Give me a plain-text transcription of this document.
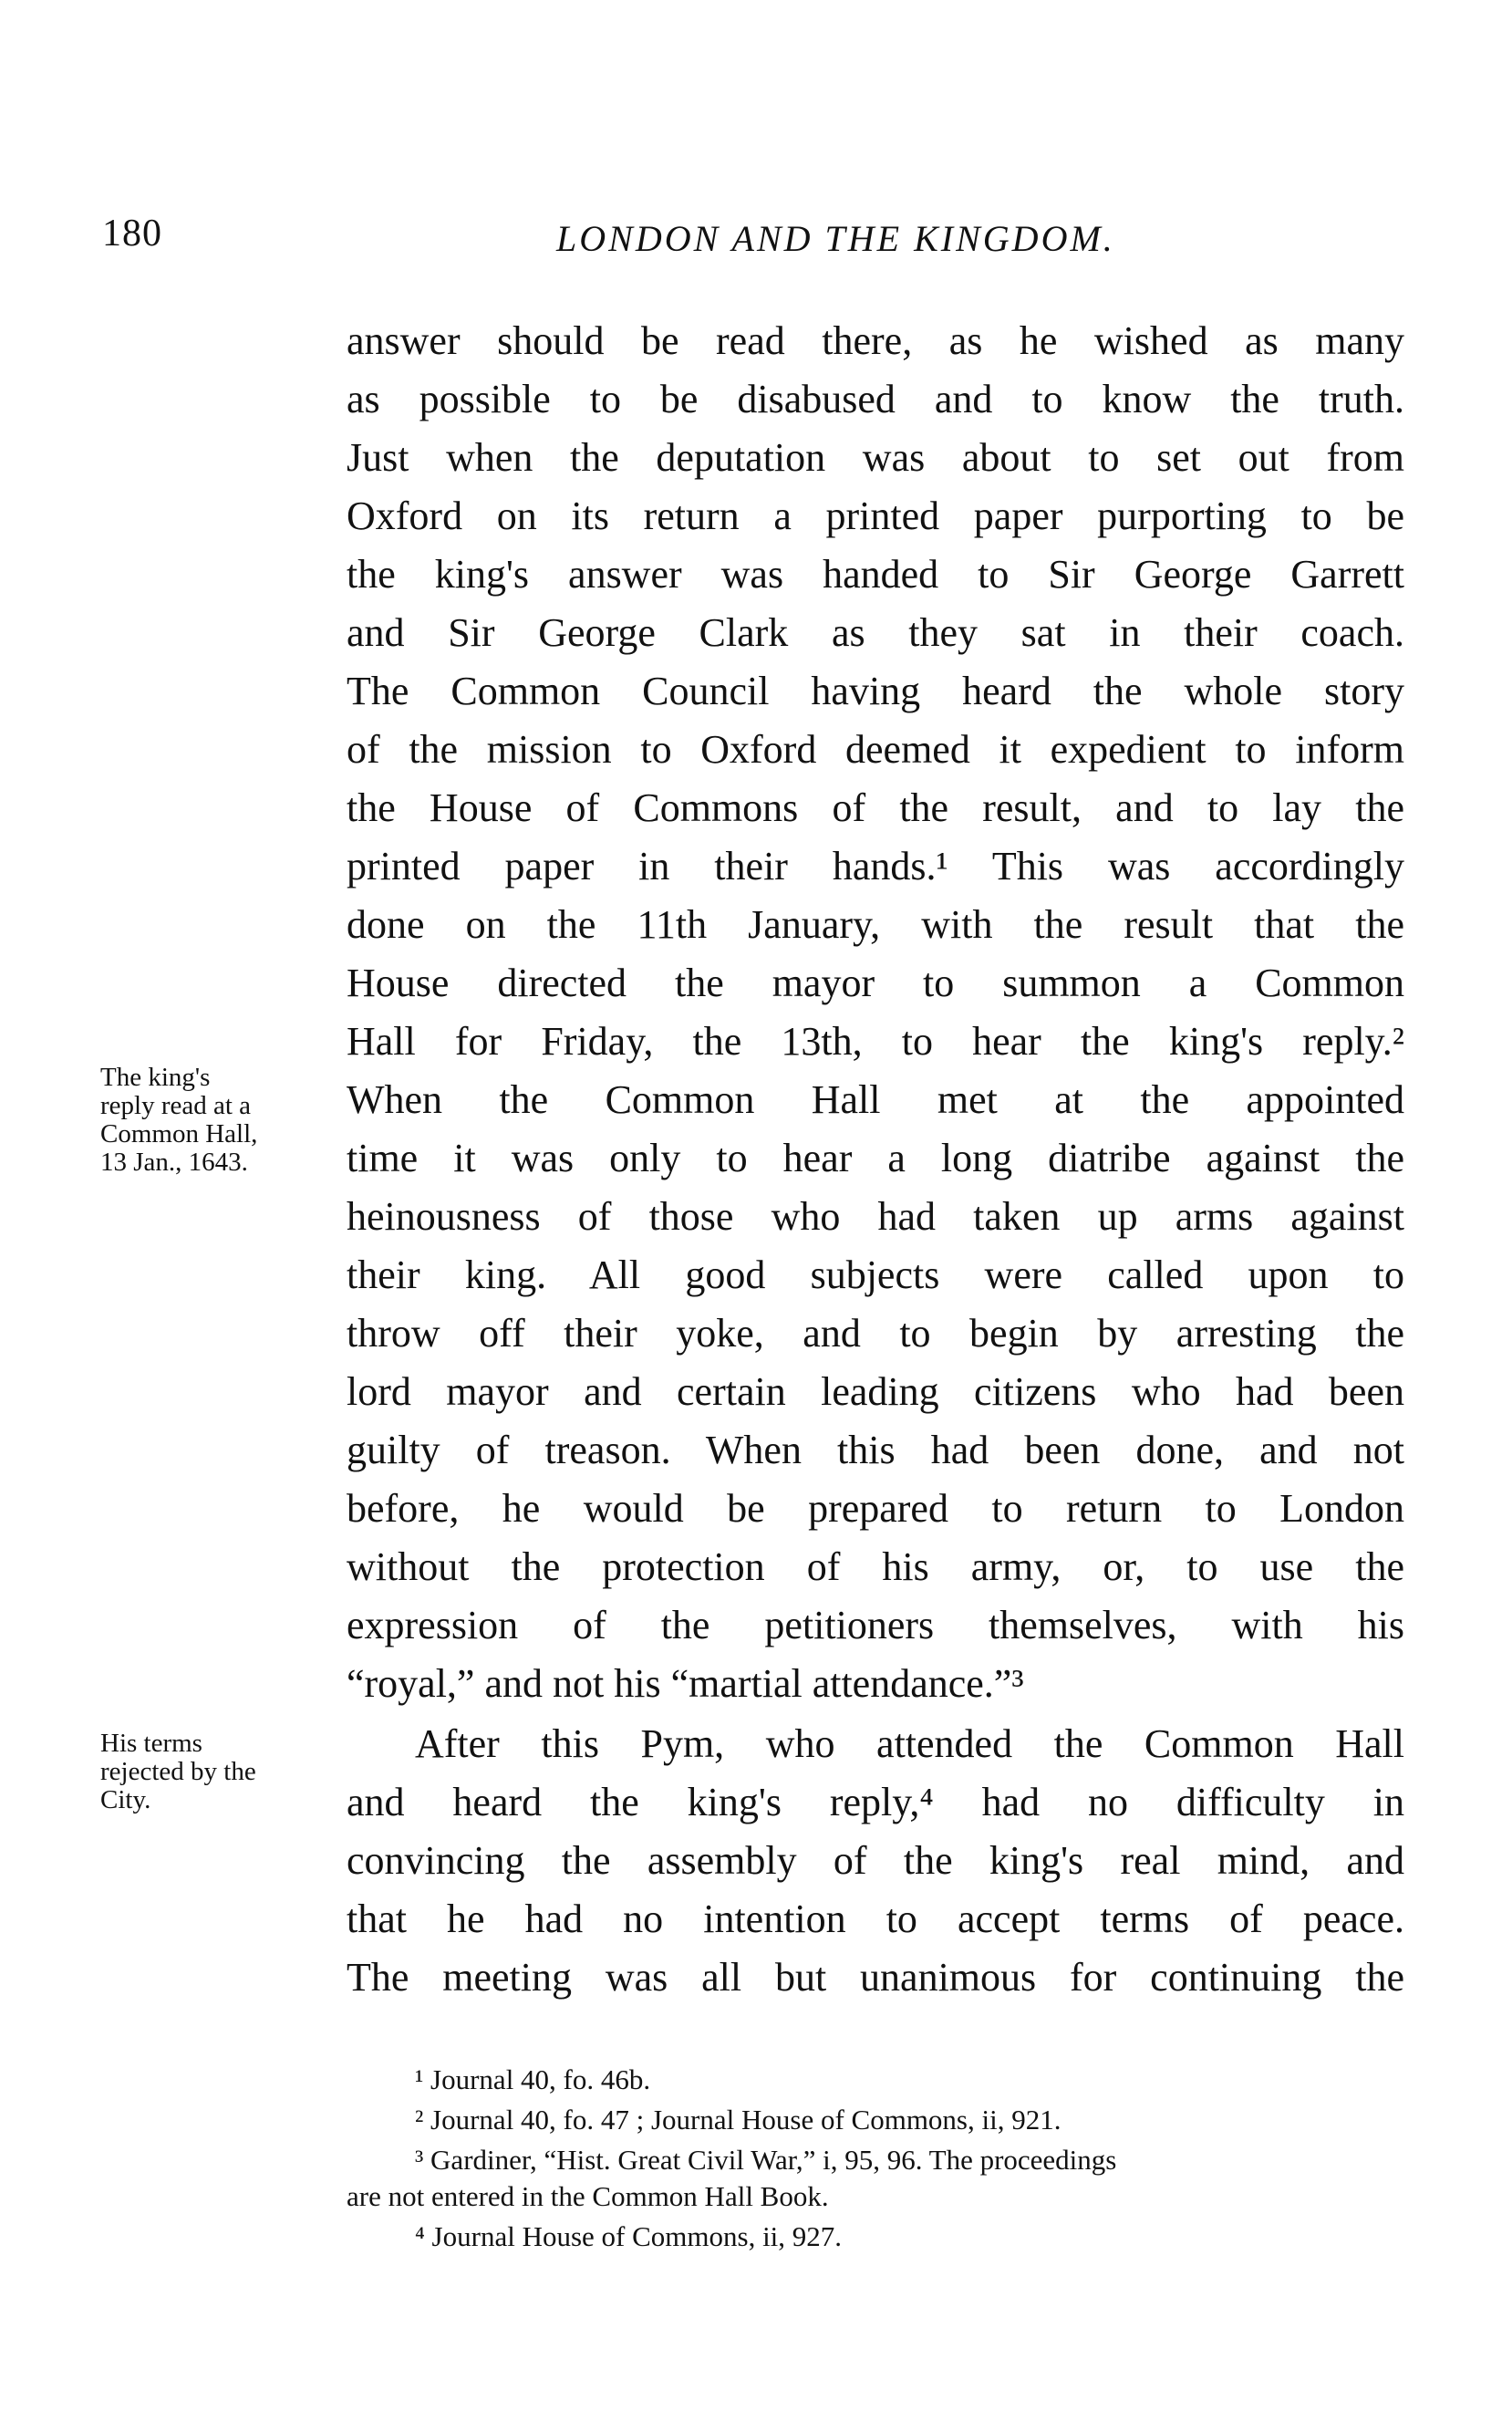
180	LONDON AND THE KINGDOM.
answer should be read there, as he wished as many
as possible to be disabused and to know the truth.
Just when the deputation was about to set out from
Oxford on its return a printed paper purporting to be
the king's answer was handed to Sir George Garrett
and Sir George Clark as they sat in their coach.
The Common Council having heard the whole story
of the mission to Oxford deemed it expedient to inform
the House of Commons of the result, and to lay the
printed paper in their hands.¹ This was accordingly
done on the 11th January, with the result that the
House directed the mayor to summon a Common
Hall for Friday, the 13th, to hear the king's reply.²
When the Common Hall met at the appointed
time it was only to hear a long diatribe against the
heinousness of those who had taken up arms against
their king. All good subjects were called upon to
throw off their yoke, and to begin by arresting the
lord mayor and certain leading citizens who had been
guilty of treason. When this had been done, and not
before, he would be prepared to return to London
without the protection of his army, or, to use the
expression of the petitioners themselves, with his
“royal,” and not his “martial attendance.”³
After this Pym, who attended the Common Hall
and heard the king's reply,⁴ had no difficulty in
convincing the assembly of the king's real mind, and
that he had no intention to accept terms of peace.
The meeting was all but unanimous for continuing the
The king's
reply read at a
Common Hall,
13 Jan., 1643.
His terms
rejected by the
City.
¹ Journal 40, fo. 46b.
² Journal 40, fo. 47 ; Journal House of Commons, ii, 921.
³ Gardiner, “Hist. Great Civil War,” i, 95, 96. The proceedings
are not entered in the Common Hall Book.
⁴ Journal House of Commons, ii, 927.
